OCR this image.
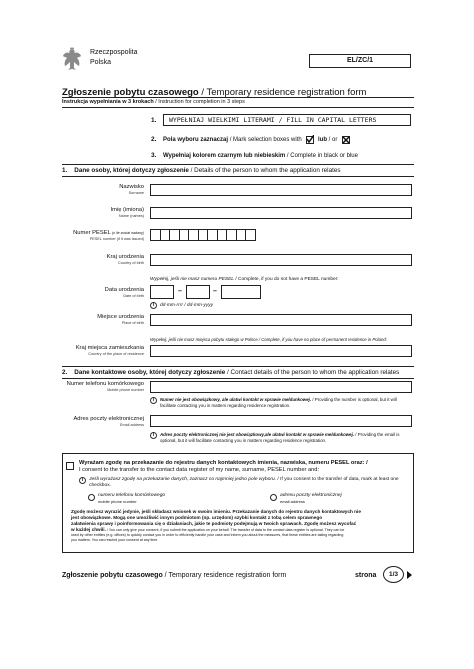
Rzeczpospolita
Polska	EL/ZC/1
Zgłoszenie pobytu czasowego / Temporary residence registration form
Instrukcja wypełniania w 3 krokach / Instruction for completion in 3 steps
1.	WYPEŁNIAJ WIELKIMI LITERAMI / FILL IN CAPITAL LETTERS
2. Pola wyboru zaznaczaj / Mark selection boxes with	lub / or
3. Wypełniaj kolorem czarnym lub niebieskim / Complete in black or blue
1. Dane osoby, której dotyczy zgłoszenie / Details of the person to whom the application relates
Nazwisko
Surname
Imię (imiona)
Name (names)
Numer PESEL (o ile został nadany)
PESEL number (if it was issued)
Kraj urodzenia
Country of birth
Wypełnij, jeśli nie masz numeru PESEL / Complete, if you do not have a PESEL number:
Data urodzenia
Date of birth
–	–
i	dd-mm-rrrr / dd-mm-yyyy
Miejsce urodzenia
Place of birth
Wypełnij, jeśli nie masz miejsca pobytu stałego w Polsce / Complete, if you have no place of permanent residence in Poland:
Kraj miejsca zamieszkania
Country of the place of residence
2. Dane kontaktowe osoby, której dotyczy zgłoszenie / Contact details of the person to whom the application relates
Numer telefonu komórkowego
Mobile phone number
i	Numer nie jest obowiązkowy, ale ułatwi kontakt w sprawie meldunkowej. / Providing the number is optional, but it will facilitate contacting you in matters regarding residence registration.
Adres poczty elektronicznej
Email address
i	Adres poczty elektronicznej nie jest obowiązkowy,ale ułatwi kontakt w sprawie meldunkowej. / Providing the email is optional, but it will facilitate contacting you in matters regarding residence registration.
Wyrażam zgodę na przekazanie do rejestru danych kontaktowych imienia, nazwiska, numeru PESEL oraz: /
I consent to the transfer to the contact data register of my name, surname, PESEL number and:
i	Jeśli wyrażasz zgodę na przekazanie danych, zaznacz co najmniej jedno pole wyboru. / If you consent to the transfer of data, mark at least one checkbox.
numeru telefonu komórkowego
mobile phone number
adresu poczty elektronicznej
email address
Zgodę możesz wyrazić jedynie, jeśli składasz wniosek w swoim imieniu. Przekazanie danych do rejestru danych kontaktowych nie
jest obowiązkowe. Mogą one umożliwić innym podmiotom (np. urzędom) szybki kontakt z tobą celem sprawnego
załatwienia sprawy i poinformowania cię o działaniach, jakie te podmioty podejmują w twoich sprawach. Zgodę możesz wycofać
w każdej chwili. / You can only give your consent, if you submit the application on your behalf. The transfer of data to the contact data register is optional. They can be
used by other entities (e.g. offices) to quickly contact you in order to efficiently handle your case and inform you about the measures, that these entities are taking regarding
you matters. You can rescind your consent at any time.
Zgłoszenie pobytu czasowego / Temporary residence registration form	strona	1/3
